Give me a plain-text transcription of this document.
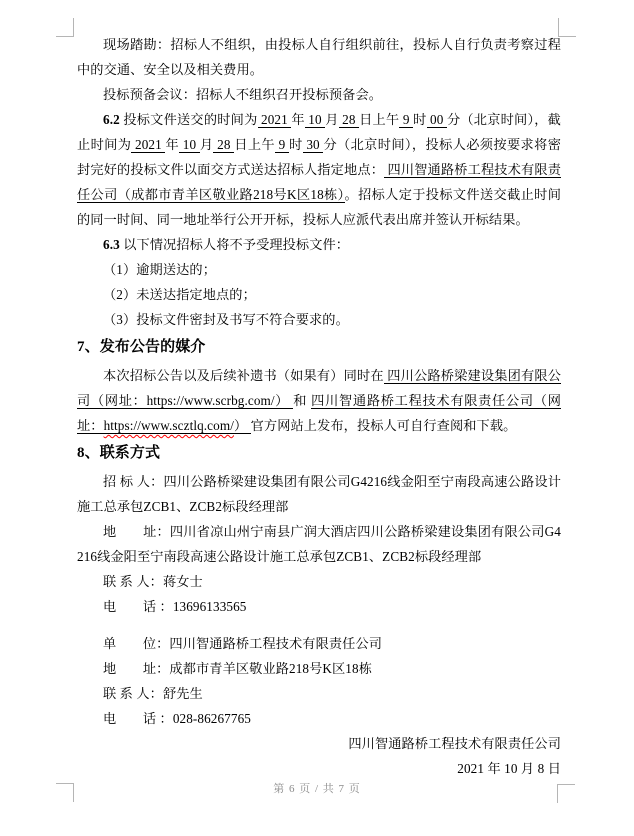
现场踏勘：招标人不组织，由投标人自行组织前往，投标人自行负责考察过程中的交通、安全以及相关费用。

投标预备会议：招标人不组织召开投标预备会。

6.2 投标文件送交的时间为 2021 年 10 月 28 日上午 9 时 00 分（北京时间），截止时间为 2021 年 10 月 28 日上午 9 时 30 分（北京时间），投标人必须按要求将密封完好的投标文件以面交方式送达招标人指定地点： 四川智通路桥工程技术有限责任公司（成都市青羊区敬业路218号K区18栋）。招标人定于投标文件送交截止时间的同一时间、同一地址举行公开开标，投标人应派代表出席并签认开标结果。

6.3 以下情况招标人将不予受理投标文件：

（1）逾期送达的；

（2）未送达指定地点的；

（3）投标文件密封及书写不符合要求的。

7、发布公告的媒介

本次招标公告以及后续补遗书（如果有）同时在 四川公路桥梁建设集团有限公司（网址：https://www.scrbg.com/） 和 四川智通路桥工程技术有限责任公司（网址：https://www.scztlq.com/） 官方网站上发布，投标人可自行查阅和下载。

8、联系方式

招 标 人：四川公路桥梁建设集团有限公司G4216线金阳至宁南段高速公路设计施工总承包ZCB1、ZCB2标段经理部

地　　址：四川省凉山州宁南县广润大酒店四川公路桥梁建设集团有限公司G4216线金阳至宁南段高速公路设计施工总承包ZCB1、ZCB2标段经理部

联 系 人：蒋女士

电　　话 ：13696133565

单　　位：四川智通路桥工程技术有限责任公司

地　　址：成都市青羊区敬业路218号K区18栋

联 系 人：舒先生

电　　话 ：028-86267765

四川智通路桥工程技术有限责任公司

2021 年 10 月 8 日

第 6 页 / 共 7 页
